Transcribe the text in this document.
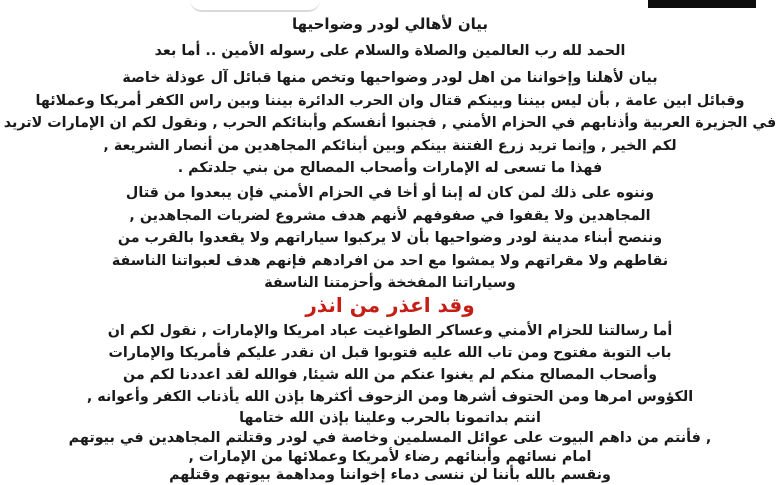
بيان لأهالي لودر وضواحيها
الحمد لله رب العالمين والصلاة والسلام على رسوله الأمين .. أما بعد
بيان لأهلنا وإخواننا من اهل لودر وضواحيها وتخص منها قبائل آل عوذلة خاصة
وقبائل ابين عامة , بأن ليس بيننا وبينكم قتال وان الحرب الدائرة بيننا وبين راس الكفر أمريكا وعملائها
في الجزيرة العربية وأذنابهم في الحزام الأمني , فجنبوا أنفسكم وأبنائكم الحرب , ونقول لكم ان الإمارات لاتريد
لكم الخير , وإنما تريد زرع الفتنة بينكم وبين أبنائكم المجاهدين من أنصار الشريعة ,
فهذا ما تسعى له الإمارات وأصحاب المصالح من بني جلدتكم .
وننوه على ذلك لمن كان له إبنا أو أخا في الحزام الأمني فإن يبعدوا من قتال
المجاهدين ولا يقفوا في صفوفهم لأنهم هدف مشروع لضربات المجاهدين ,
وننصح أبناء مدينة لودر وضواحيها بأن لا يركبوا سياراتهم ولا يقعدوا بالقرب من
نقاطهم ولا مقراتهم ولا يمشوا مع احد من افرادهم فإنهم هدف لعبواتنا الناسفة
وسياراتنا المفخخة وأحزمتنا الناسفة
وقد اعذر من انذر
أما رسالتنا للحزام الأمني وعساكر الطواغيت عباد امريكا والإمارات , نقول لكم ان
باب التوبة مفتوح ومن تاب الله عليه فتوبوا قبل ان نقدر عليكم فأمريكا والإمارات
وأصحاب المصالح منكم لم يغنوا عنكم من الله شيئا, فوالله لقد اعددنا لكم من
الكؤوس امرها ومن الحتوف أشرها ومن الزحوف أكثرها بإذن الله يأذناب الكفر وأعوانه ,
انتم بداتمونا بالحرب وعلينا بإذن الله ختامها
, فأنتم من داهم البيوت على عوائل المسلمين وخاصة في لودر وقتلتم المجاهدين في بيوتهم
امام نسائهم وأبنائهم رضاء لأمريكا وعملائها من الإمارات ,
ونقسم بالله بأننا لن ننسى دماء إخواننا ومداهمة بيوتهم وقتلهم
